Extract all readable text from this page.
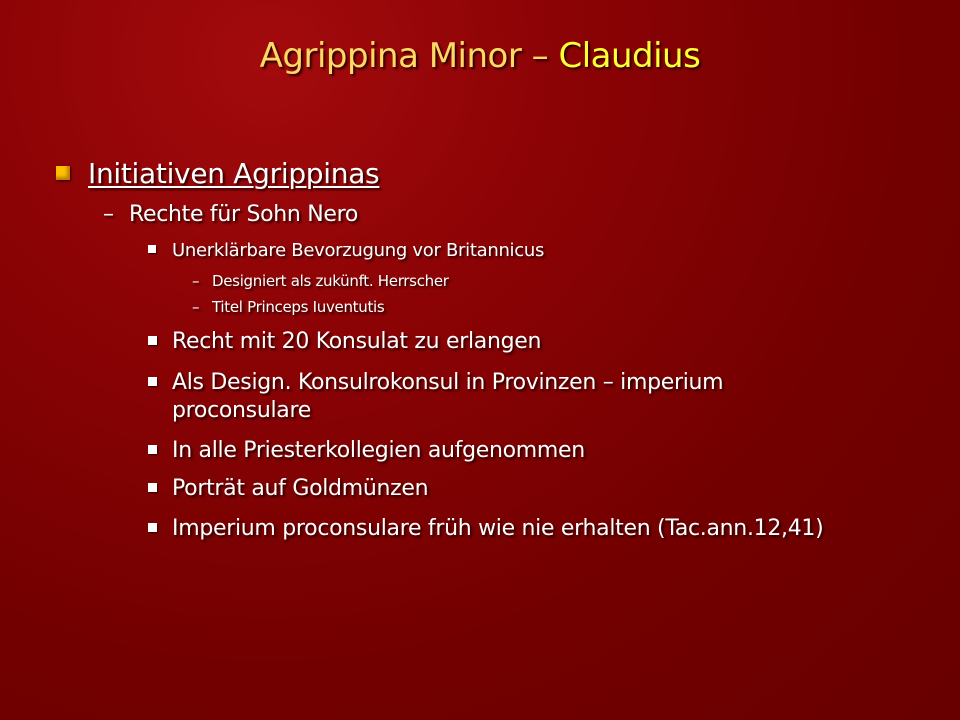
Agrippina Minor – Claudius
Initiativen Agrippinas
– Rechte für Sohn Nero
Unerklärbare Bevorzugung vor Britannicus
– Designiert als zukünft. Herrscher
– Titel Princeps Iuventutis
Recht mit 20 Konsulat zu erlangen
Als Design. Konsulrokonsul in Provinzen – imperium
proconsulare
In alle Priesterkollegien aufgenommen
Porträt auf Goldmünzen
Imperium proconsulare früh wie nie erhalten (Tac.ann.12,41)
